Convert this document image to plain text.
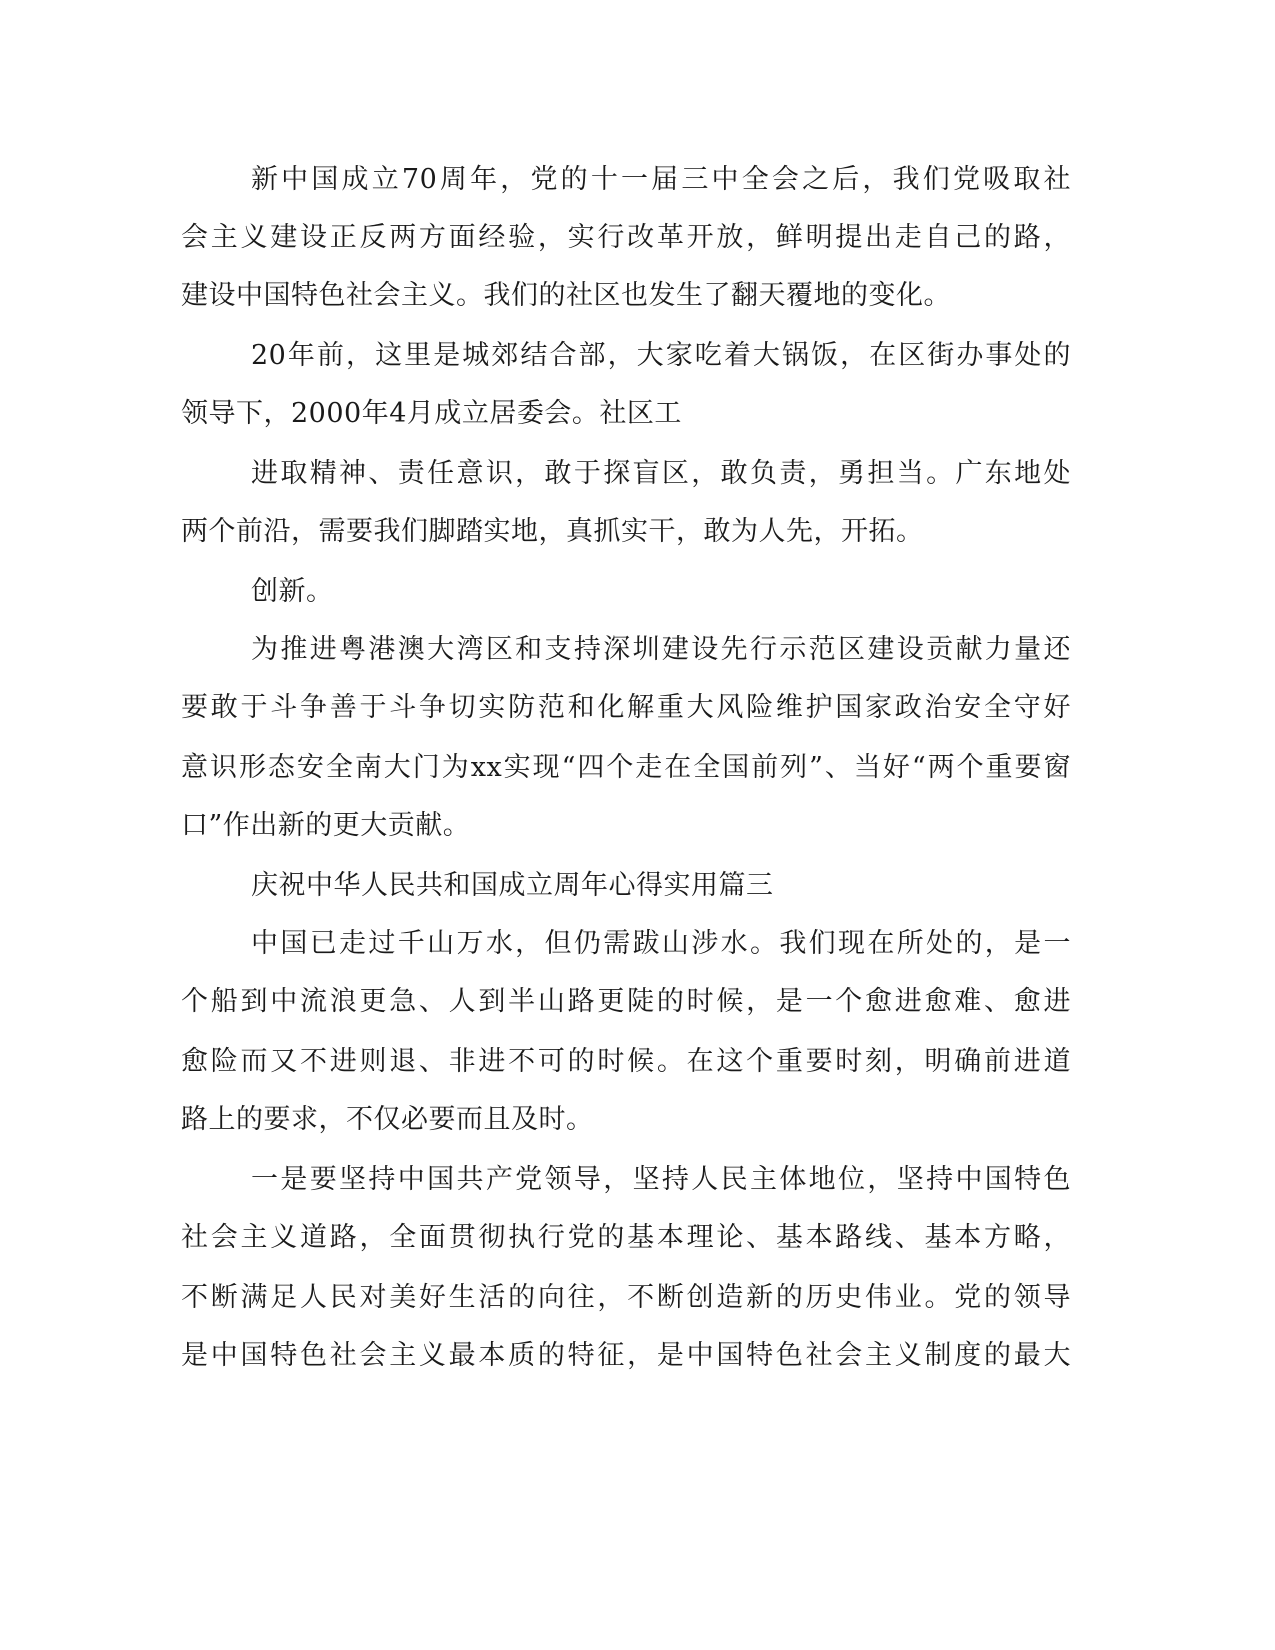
新中国成立70周年，党的十一届三中全会之后，我们党吸取社

会主义建设正反两方面经验，实行改革开放，鲜明提出走自己的路，

建设中国特色社会主义。我们的社区也发生了翻天覆地的变化。

20年前，这里是城郊结合部，大家吃着大锅饭，在区街办事处的

领导下，2000年4月成立居委会。社区工

进取精神、责任意识，敢于探盲区，敢负责，勇担当。广东地处

两个前沿，需要我们脚踏实地，真抓实干，敢为人先，开拓。

创新。

为推进粤港澳大湾区和支持深圳建设先行示范区建设贡献力量还

要敢于斗争善于斗争切实防范和化解重大风险维护国家政治安全守好

意识形态安全南大门为xx实现“四个走在全国前列”、当好“两个重要窗

口”作出新的更大贡献。

庆祝中华人民共和国成立周年心得实用篇三

中国已走过千山万水，但仍需跋山涉水。我们现在所处的，是一

个船到中流浪更急、人到半山路更陡的时候，是一个愈进愈难、愈进

愈险而又不进则退、非进不可的时候。在这个重要时刻，明确前进道

路上的要求，不仅必要而且及时。

一是要坚持中国共产党领导，坚持人民主体地位，坚持中国特色

社会主义道路，全面贯彻执行党的基本理论、基本路线、基本方略，

不断满足人民对美好生活的向往，不断创造新的历史伟业。党的领导

是中国特色社会主义最本质的特征，是中国特色社会主义制度的最大
